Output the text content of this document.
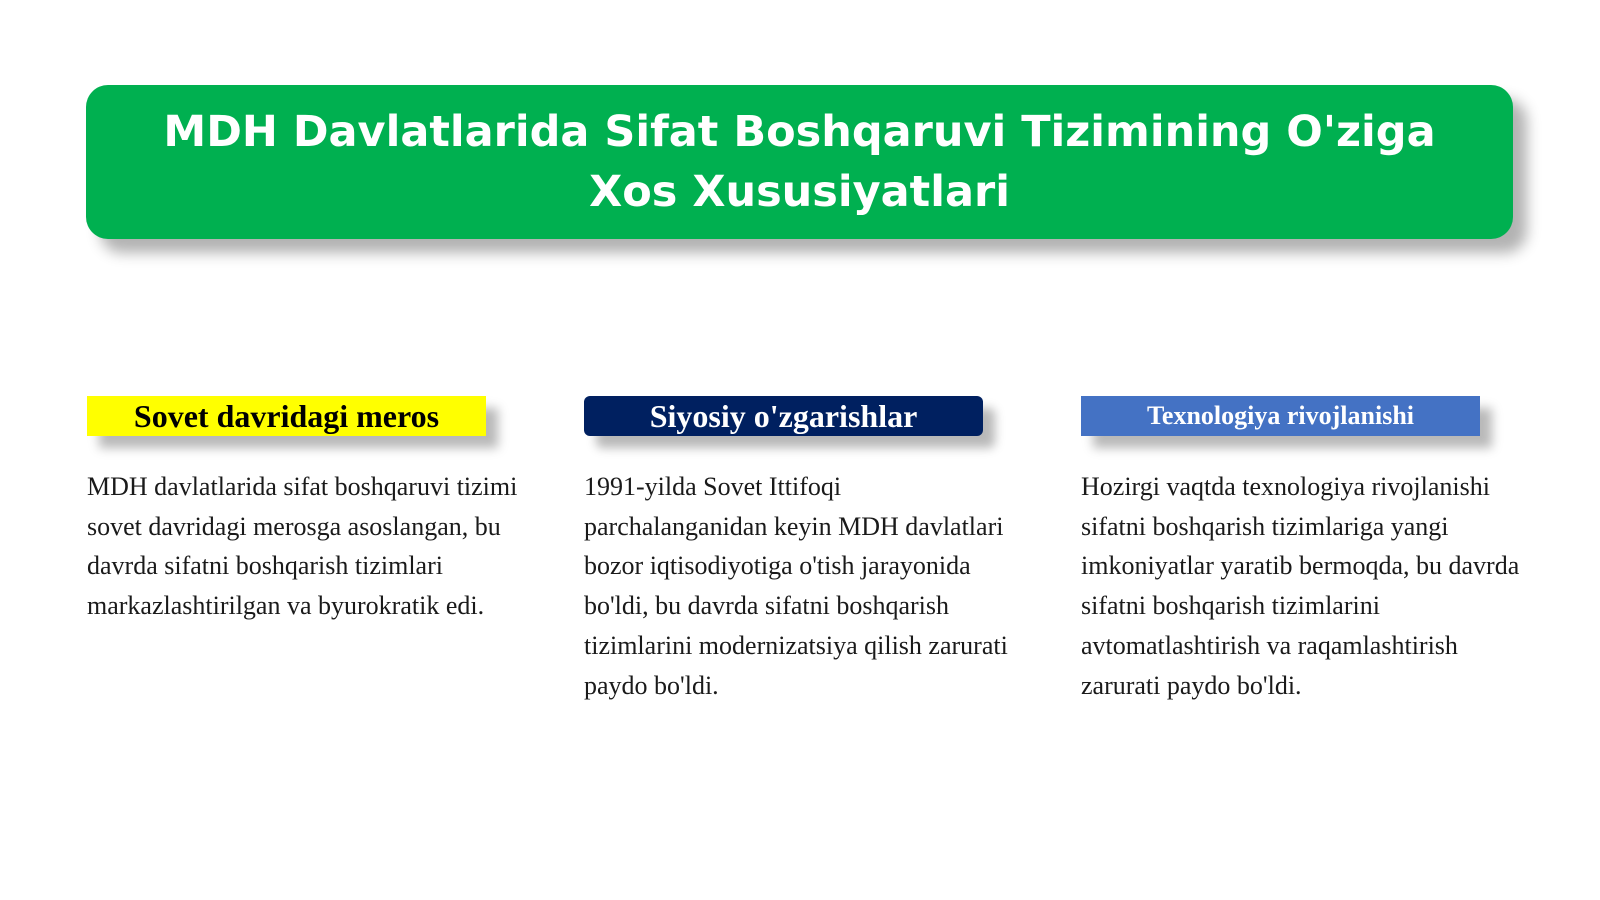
MDH Davlatlarida Sifat Boshqaruvi Tizimining O'ziga Xos Xususiyatlari
Sovet davridagi meros

MDH davlatlarida sifat boshqaruvi tizimi sovet davridagi merosga asoslangan, bu davrda sifatni boshqarish tizimlari markazlashtirilgan va byurokratik edi.

Siyosiy o'zgarishlar

1991-yilda Sovet Ittifoqi parchalanganidan keyin MDH davlatlari bozor iqtisodiyotiga o'tish jarayonida bo'ldi, bu davrda sifatni boshqarish tizimlarini modernizatsiya qilish zarurati paydo bo'ldi.

Texnologiya rivojlanishi

Hozirgi vaqtda texnologiya rivojlanishi sifatni boshqarish tizimlariga yangi imkoniyatlar yaratib bermoqda, bu davrda sifatni boshqarish tizimlarini avtomatlashtirish va raqamlashtirish zarurati paydo bo'ldi.
